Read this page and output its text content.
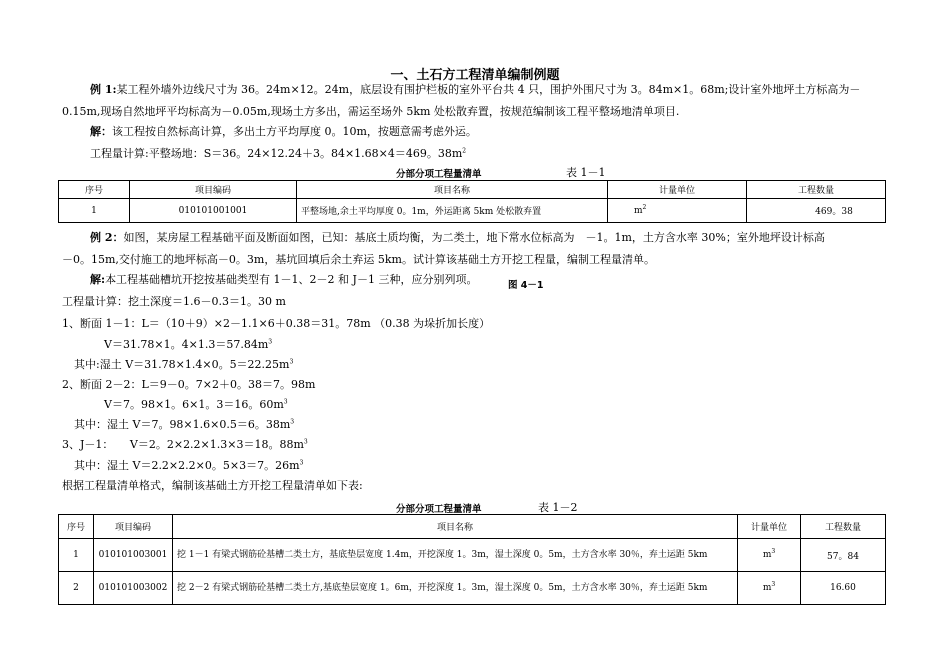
一、土石方工程清单编制例题
例 1:某工程外墙外边线尺寸为 36。24m×12。24m，底层设有围护栏板的室外平台共 4 只，围护外围尺寸为 3。84m×1。68m;设计室外地坪土方标高为－
0.15m,现场自然地坪平均标高为－0.05m,现场土方多出，需运至场外 5km 处松散弃置，按规范编制该工程平整场地清单项目.
解：该工程按自然标高计算，多出土方平均厚度 0。10m，按题意需考虑外运。
工程量计算:平整场地：S＝36。24×12.24＋3。84×1.68×4＝469。$38m^2$
分部分项工程量清单	表 1－1
序号	项目编码	项目名称	计量单位	工程数量
1	010101001001	平整场地,余土平均厚度 0。1m，外运距离 5km 处松散弃置	$m^2$	469。38
例 2：如图，某房屋工程基础平面及断面如图，已知：基底土质均衡，为二类土，地下常水位标高为　－1。1m，土方含水率 30%；室外地坪设计标高
－0。15m,交付施工的地坪标高－0。3m，基坑回填后余土弃运 5km。试计算该基础土方开挖工程量，编制工程量清单。
解:本工程基础槽坑开挖按基础类型有 1－1、2－2 和 J－1 三种，应分别列项。	图 4－1
工程量计算：挖土深度＝1.6－0.3＝1。30 m
1、断面 1－1：L＝（10＋9）×2－1.1×6＋0.38＝31。78m （0.38 为垛折加长度）
V＝31.78×1。$4\times 1.3=57.84m^3$
其中:湿土 V＝31.78×1.4×0。$5=22.25m^3$
2、断面 2－2：L＝9－0。7×2＋0。38＝7。98m
V＝7。98×1。6×1。3＝16。$60m^3$
其中：湿土 V＝7。98×1.6×0.5＝6。$38m^3$
3、J－1：　　V＝2。2×2.2×1.3×3＝18。$88m^3$
其中：湿土 V＝2.2×2.2×0。5×3＝7。$26m^3$
根据工程量清单格式，编制该基础土方开挖工程量清单如下表:
分部分项工程量清单	表 1－2
序号	项目编码	项目名称	计量单位	工程数量
1	010101003001	挖 1－1 有梁式钢筋砼基槽二类土方，基底垫层宽度 1.4m，开挖深度 1。3m，湿土深度 0。5m，土方含水率 30％，弃土运距 5km	$m^3$	57。84
2	010101003002	挖 2－2 有梁式钢筋砼基槽二类土方,基底垫层宽度 1。6m，开挖深度 1。3m，湿土深度 0。5m，土方含水率 30％，弃土运距 5km	$m^3$	16.60
